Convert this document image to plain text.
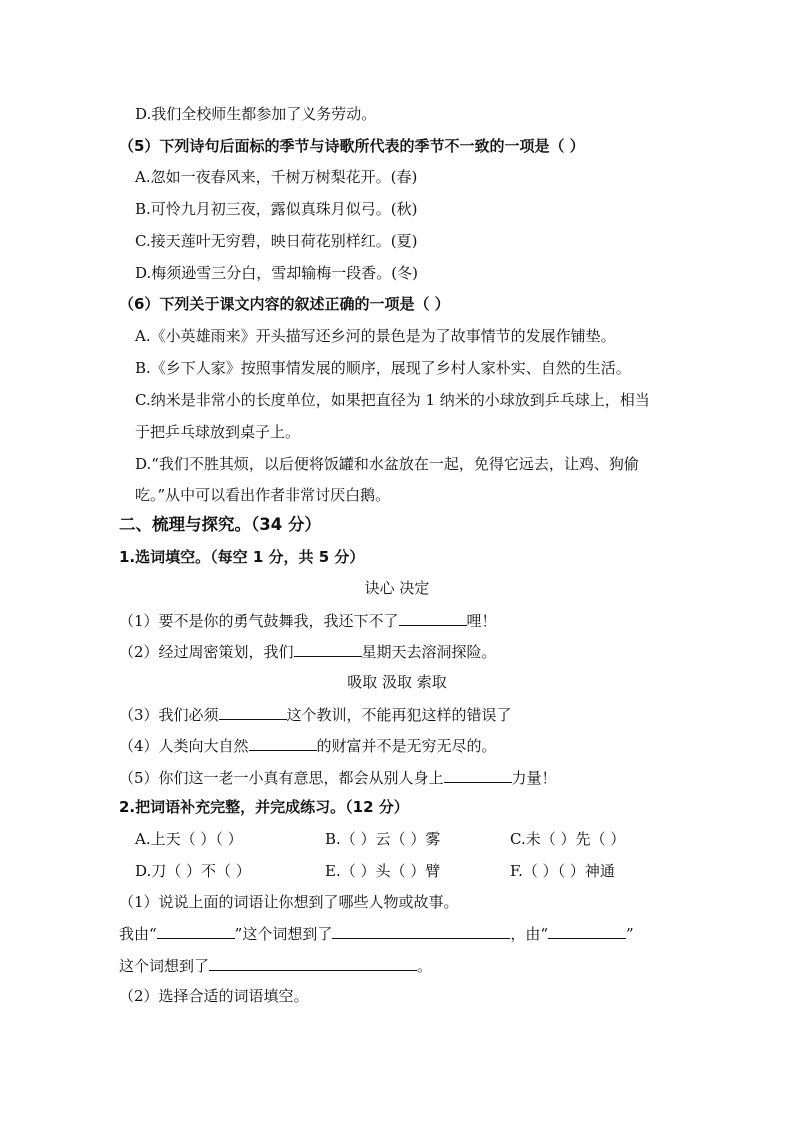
D.我们全校师生都参加了义务劳动。
（5）下列诗句后面标的季节与诗歌所代表的季节不一致的一项是（ ）
A.忽如一夜春风来，千树万树梨花开。(春)
B.可怜九月初三夜，露似真珠月似弓。(秋)
C.接天莲叶无穷碧，映日荷花别样红。(夏)
D.梅须逊雪三分白，雪却输梅一段香。(冬)
（6）下列关于课文内容的叙述正确的一项是（ ）
A.《小英雄雨来》开头描写还乡河的景色是为了故事情节的发展作铺垫。
B.《乡下人家》按照事情发展的顺序，展现了乡村人家朴实、自然的生活。
C.纳米是非常小的长度单位，如果把直径为 1 纳米的小球放到乒乓球上，相当
于把乒乓球放到桌子上。
D.“我们不胜其烦，以后便将饭罐和水盆放在一起，免得它远去，让鸡、狗偷
吃。”从中可以看出作者非常讨厌白鹅。
二、梳理与探究。（34 分）
1.选词填空。（每空 1 分，共 5 分）
诀心 决定
（1）要不是你的勇气鼓舞我，我还下不了	哩！
（2）经过周密策划，我们	星期天去溶洞探险。
吸取 汲取 索取
（3）我们必须	这个教训，不能再犯这样的错误了
（4）人类向大自然	的财富并不是无穷无尽的。
（5）你们这一老一小真有意思，都会从别人身上	力量！
2.把词语补充完整，并完成练习。（12 分）
A.上天（ ）（ ）	B.（ ）云（ ）雾	C.未（ ）先（ ）
D.刀（ ）不（ ）	E.（ ）头（ ）臂	F.（ ）（ ）神通
（1）说说上面的词语让你想到了哪些人物或故事。
我由“	”这个词想到了	，由“	”
这个词想到了	。
（2）选择合适的词语填空。
